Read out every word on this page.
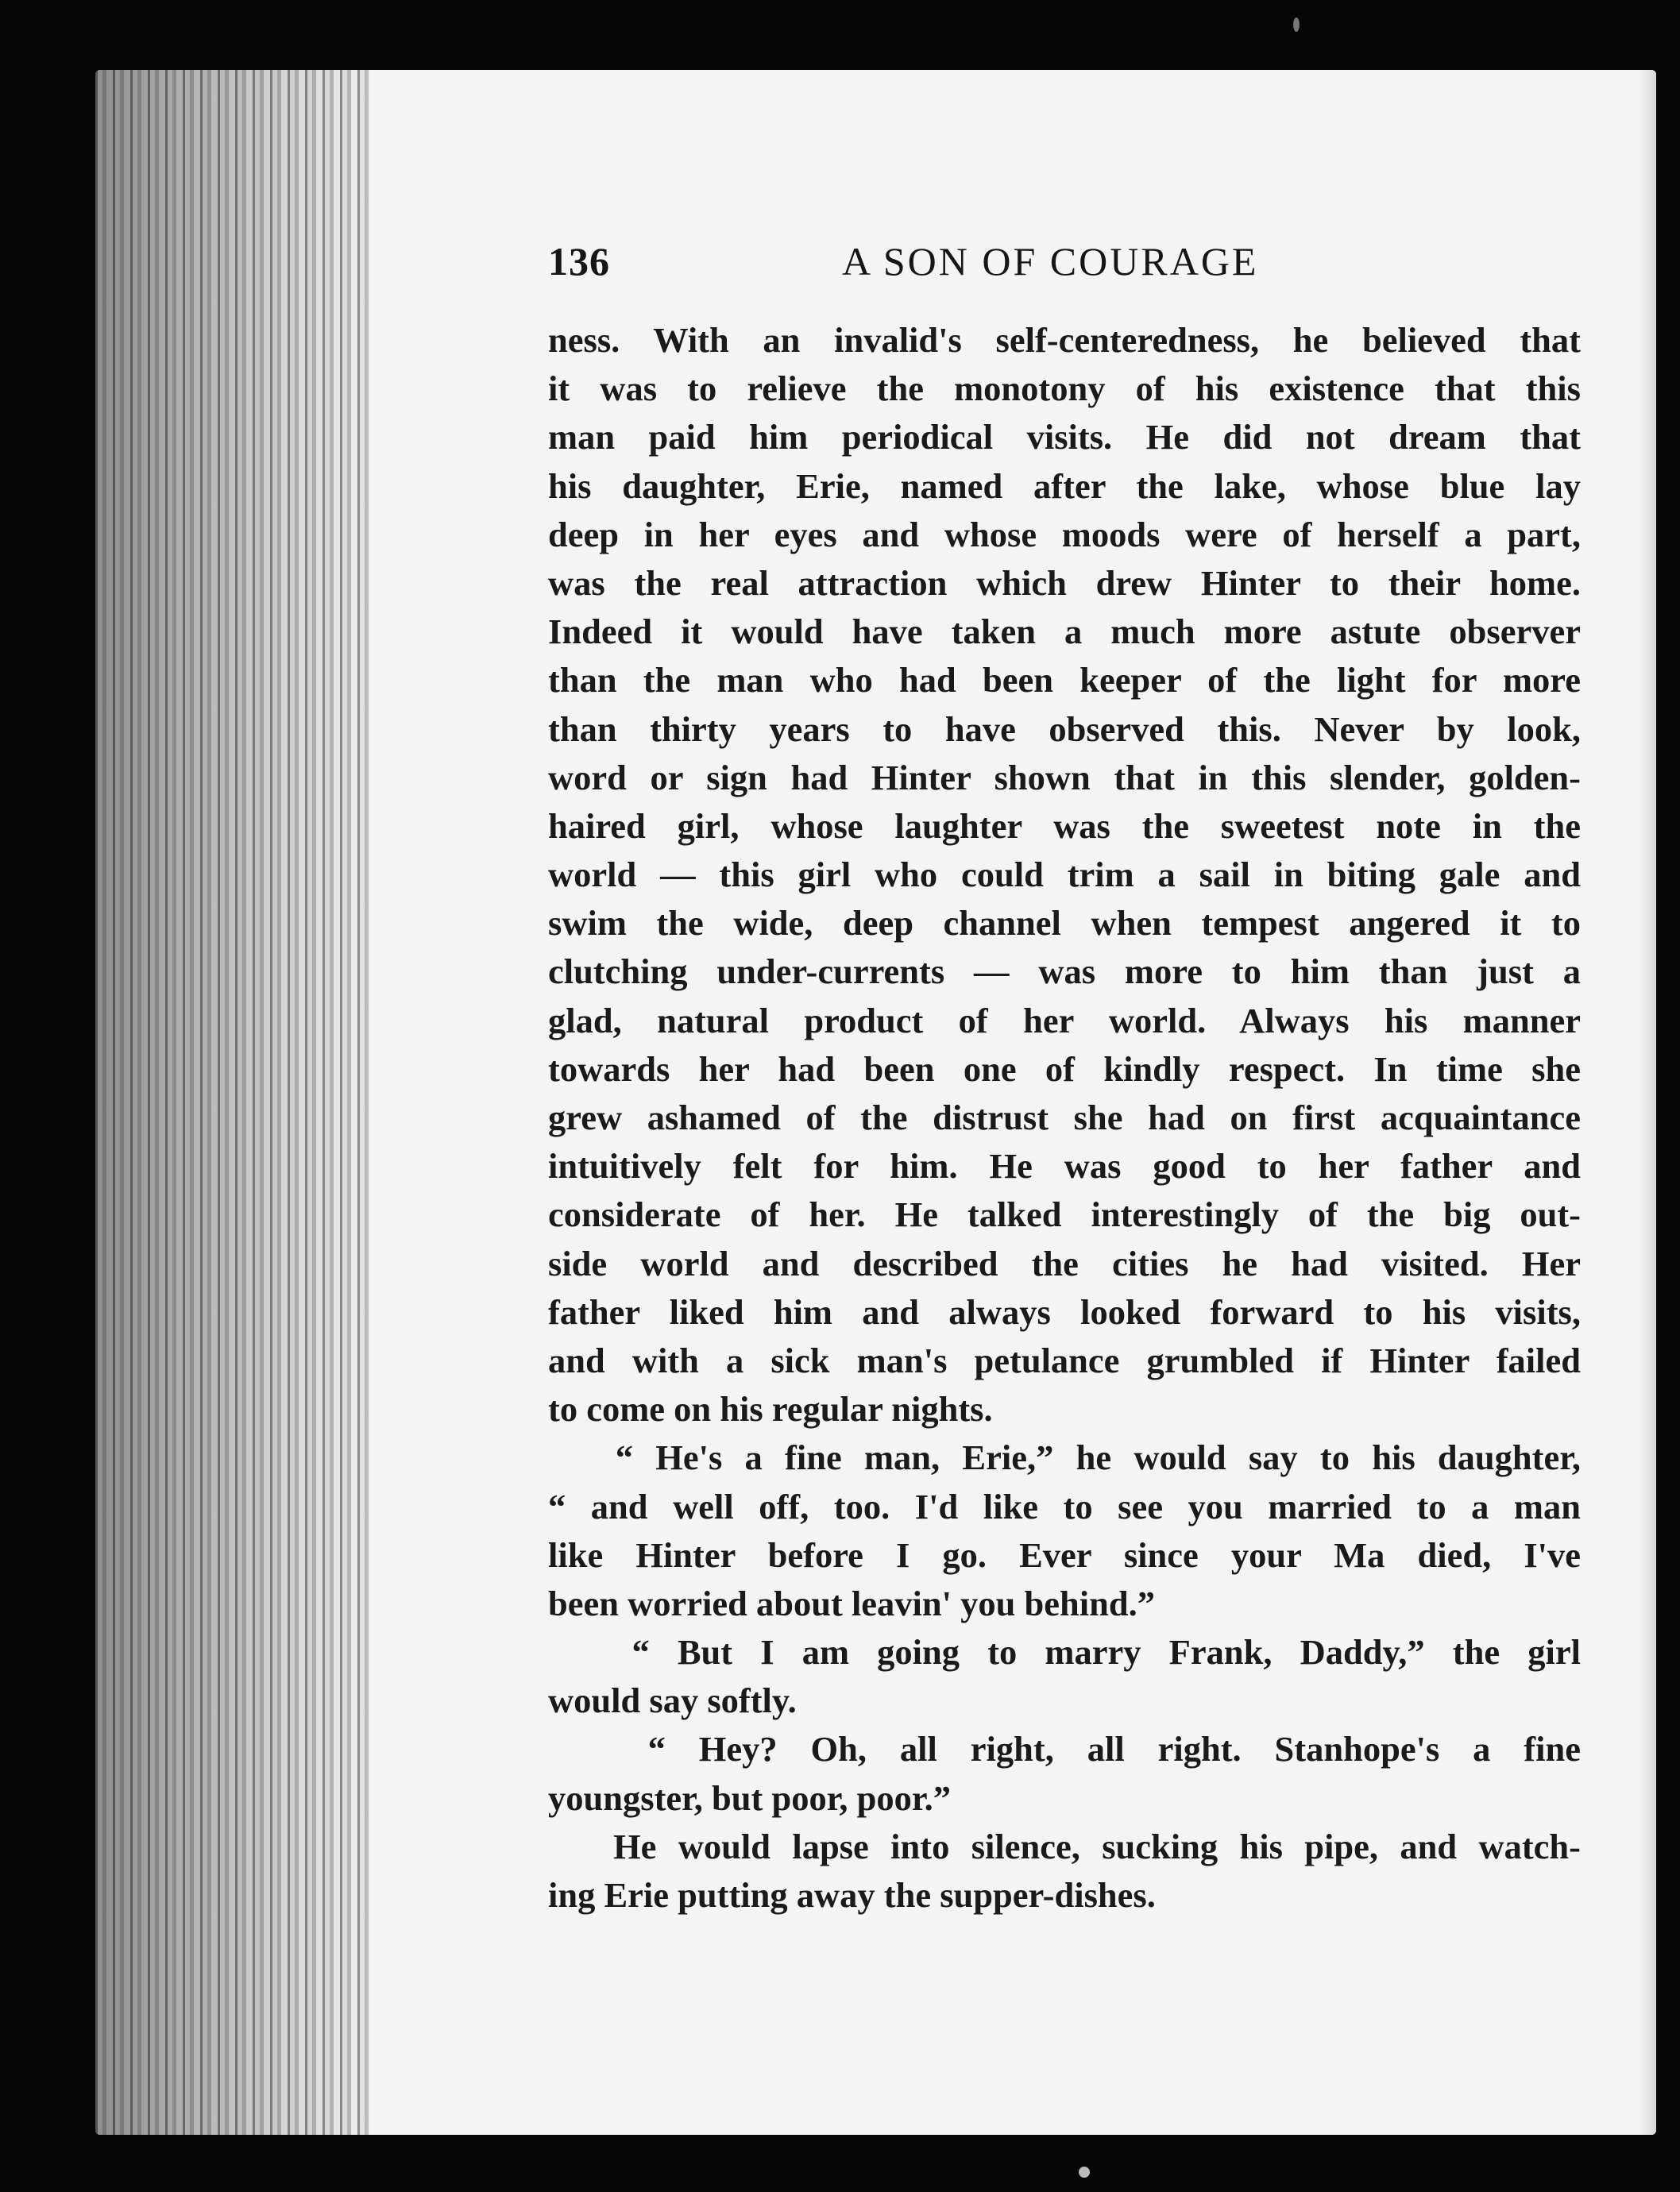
136	A SON OF COURAGE
ness. With an invalid's self-centeredness, he believed that
it was to relieve the monotony of his existence that this
man paid him periodical visits. He did not dream that
his daughter, Erie, named after the lake, whose blue lay
deep in her eyes and whose moods were of herself a part,
was the real attraction which drew Hinter to their home.
Indeed it would have taken a much more astute observer
than the man who had been keeper of the light for more
than thirty years to have observed this. Never by look,
word or sign had Hinter shown that in this slender, golden-
haired girl, whose laughter was the sweetest note in the
world — this girl who could trim a sail in biting gale and
swim the wide, deep channel when tempest angered it to
clutching under-currents — was more to him than just a
glad, natural product of her world. Always his manner
towards her had been one of kindly respect. In time she
grew ashamed of the distrust she had on first acquaintance
intuitively felt for him. He was good to her father and
considerate of her. He talked interestingly of the big out-
side world and described the cities he had visited. Her
father liked him and always looked forward to his visits,
and with a sick man's petulance grumbled if Hinter failed
to come on his regular nights.
“ He's a fine man, Erie,” he would say to his daughter,
“ and well off, too. I'd like to see you married to a man
like Hinter before I go. Ever since your Ma died, I've
been worried about leavin' you behind.”
“ But I am going to marry Frank, Daddy,” the girl
would say softly.
“ Hey? Oh, all right, all right. Stanhope's a fine
youngster, but poor, poor.”
He would lapse into silence, sucking his pipe, and watch-
ing Erie putting away the supper-dishes.
